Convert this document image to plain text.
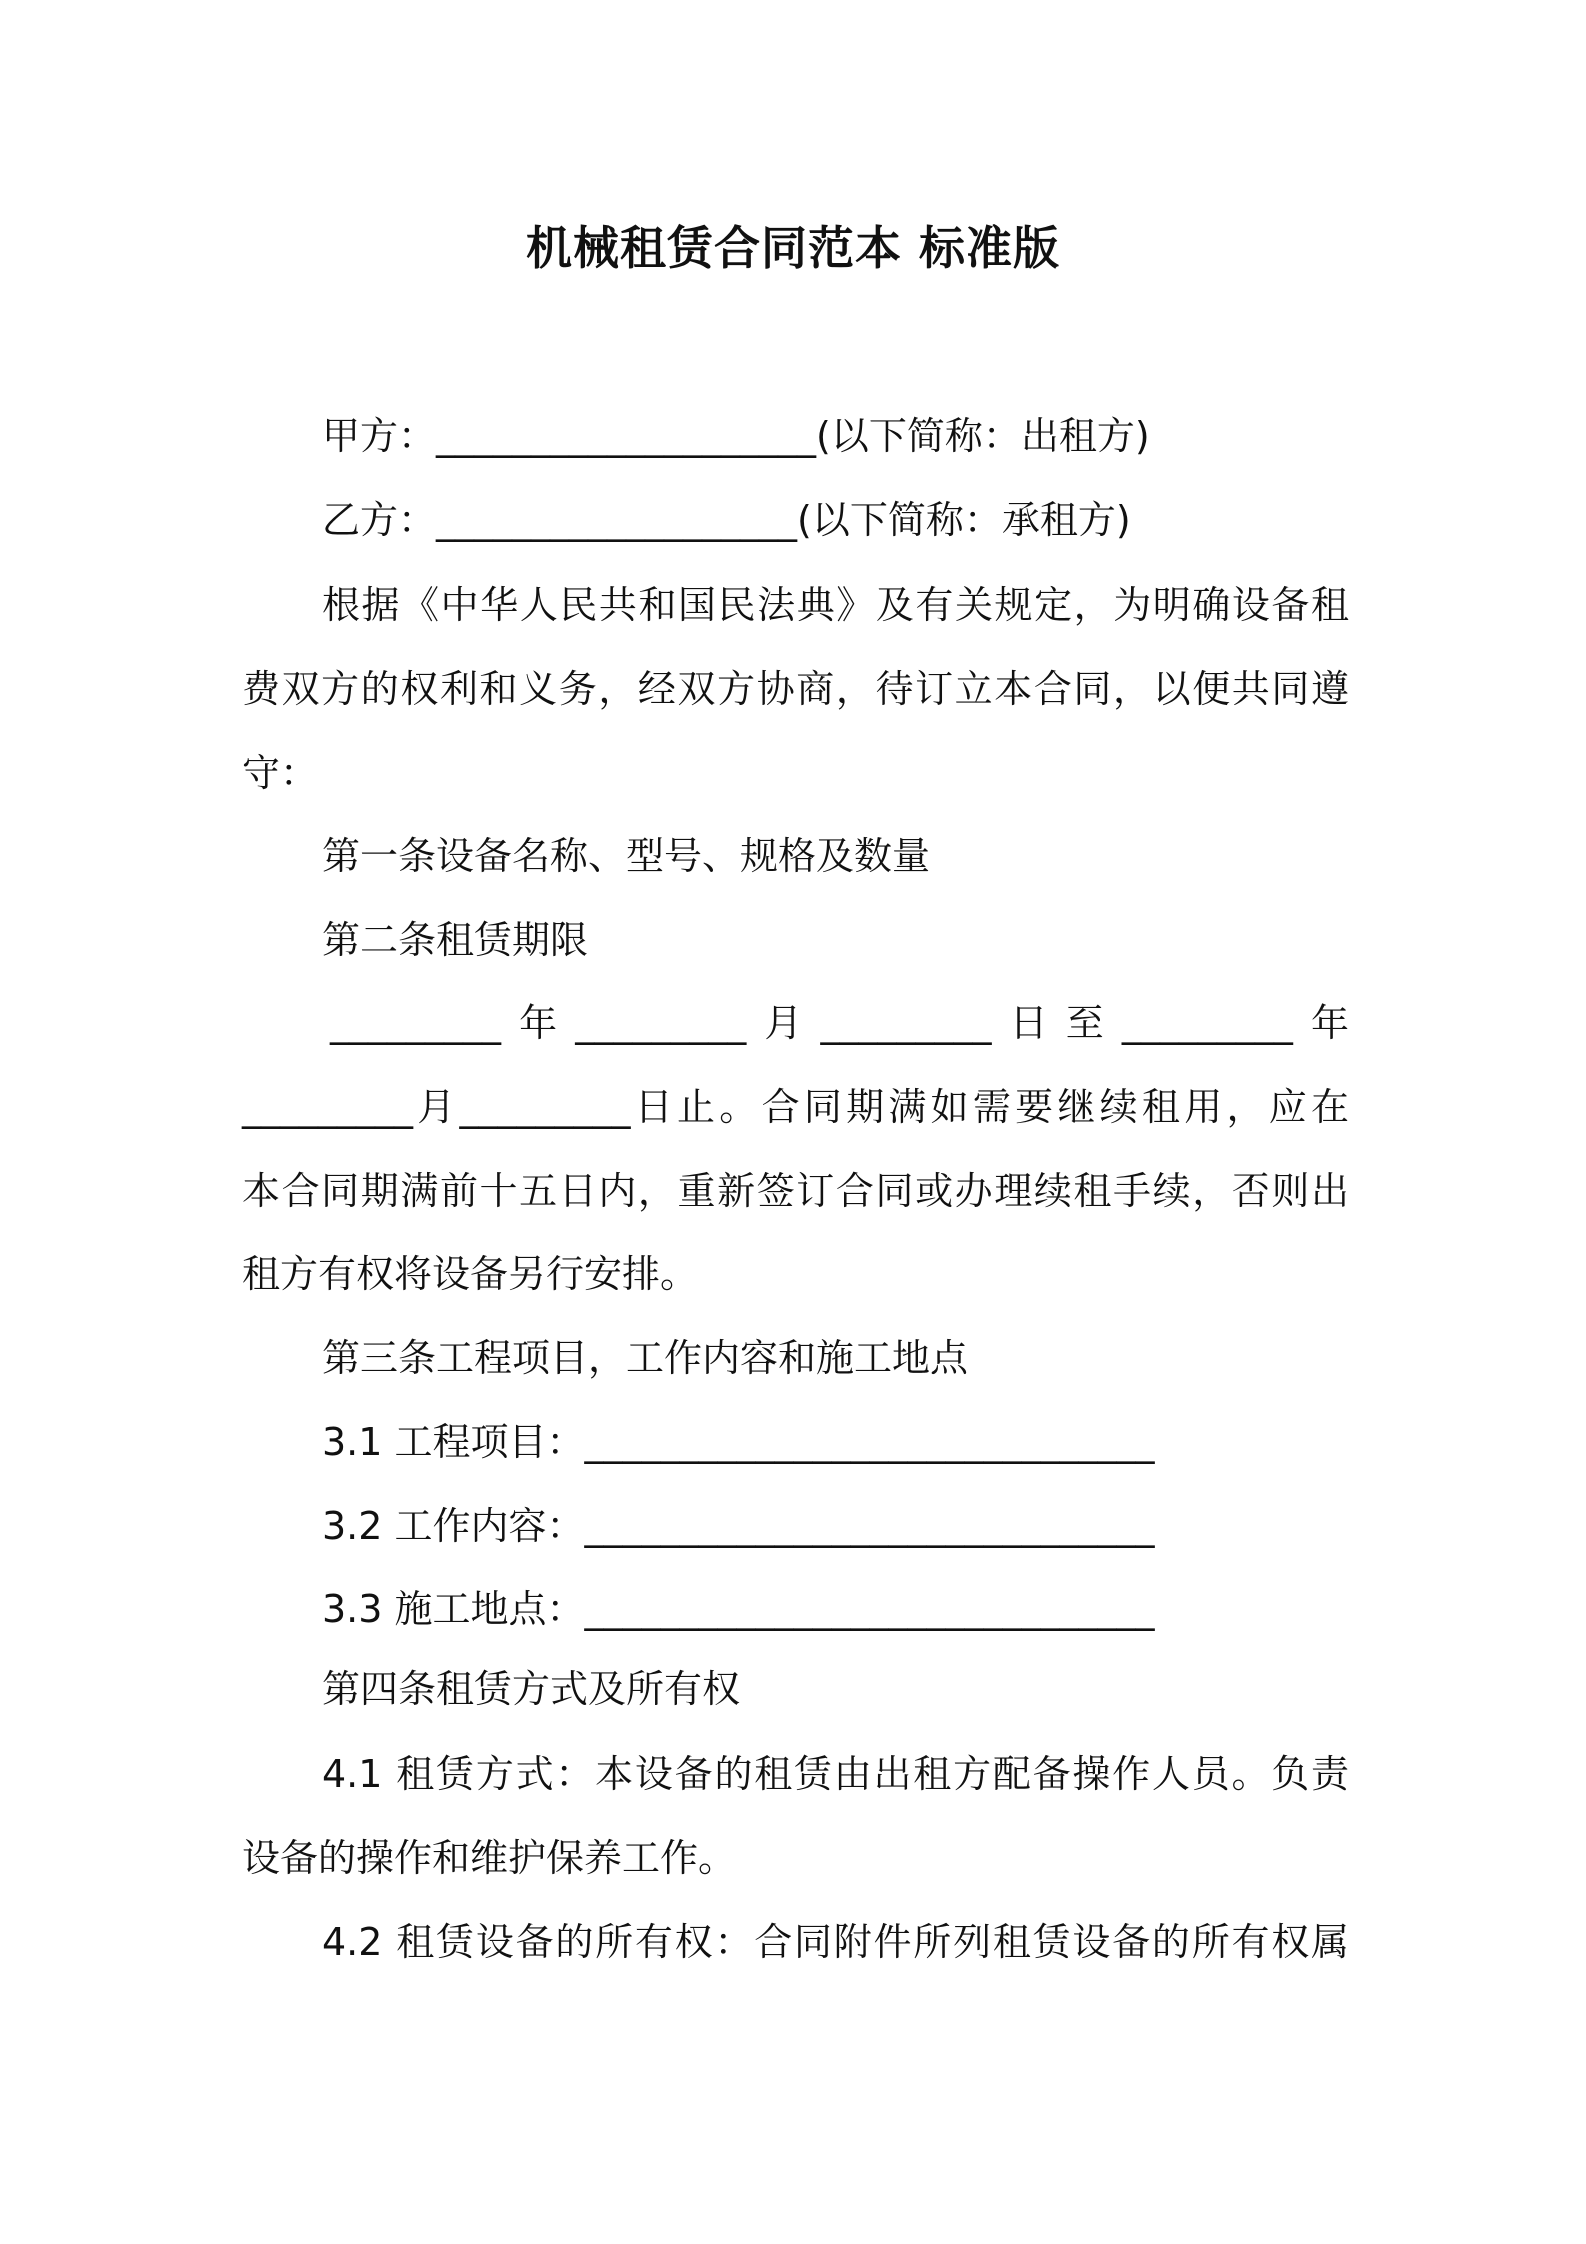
机械租赁合同范本 标准版
甲方：____________________(以下简称：出租方)
乙方：___________________(以下简称：承租方)
根据《中华人民共和国民法典》及有关规定，为明确设备租
费双方的权利和义务，经双方协商，待订立本合同，以便共同遵
守：
第一条设备名称、型号、规格及数量
第二条租赁期限
_________年_________月_________日至_________年
_________月_________日止。合同期满如需要继续租用，应在
本合同期满前十五日内，重新签订合同或办理续租手续，否则出
租方有权将设备另行安排。
第三条工程项目，工作内容和施工地点
3.1 工程项目：______________________________
3.2 工作内容：______________________________
3.3 施工地点：______________________________
第四条租赁方式及所有权
4.1 租赁方式：本设备的租赁由出租方配备操作人员。负责
设备的操作和维护保养工作。
4.2 租赁设备的所有权：合同附件所列租赁设备的所有权属
